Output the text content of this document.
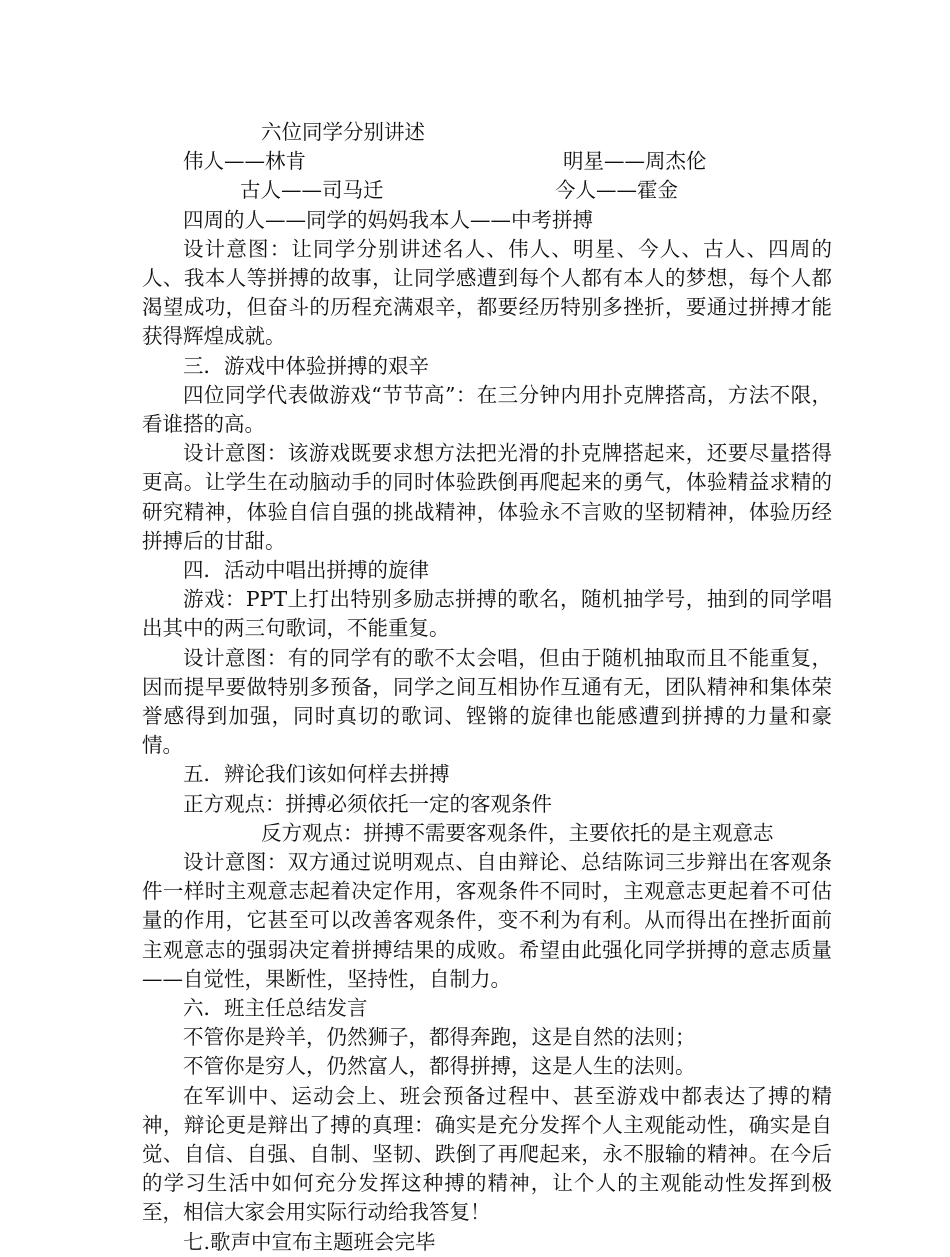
六位同学分别讲述
伟人——林肯	明星——周杰伦
古人——司马迁	今人——霍金
四周的人——同学的妈妈我本人——中考拼搏

设计意图：让同学分别讲述名人、伟人、明星、今人、古人、四周的人、我本人等拼搏的故事，让同学感遭到每个人都有本人的梦想，每个人都渴望成功，但奋斗的历程充满艰辛，都要经历特别多挫折，要通过拼搏才能获得辉煌成就。

三．游戏中体验拼搏的艰辛

四位同学代表做游戏“节节高”：在三分钟内用扑克牌搭高，方法不限，看谁搭的高。

设计意图：该游戏既要求想方法把光滑的扑克牌搭起来，还要尽量搭得更高。让学生在动脑动手的同时体验跌倒再爬起来的勇气，体验精益求精的研究精神，体验自信自强的挑战精神，体验永不言败的坚韧精神，体验历经拼搏后的甘甜。

四．活动中唱出拼搏的旋律

游戏：PPT上打出特别多励志拼搏的歌名，随机抽学号，抽到的同学唱出其中的两三句歌词，不能重复。

设计意图：有的同学有的歌不太会唱，但由于随机抽取而且不能重复，因而提早要做特别多预备，同学之间互相协作互通有无，团队精神和集体荣誉感得到加强，同时真切的歌词、铿锵的旋律也能感遭到拼搏的力量和豪情。

五．辨论我们该如何样去拼搏
正方观点：拼搏必须依托一定的客观条件
反方观点：拼搏不需要客观条件，主要依托的是主观意志

设计意图：双方通过说明观点、自由辩论、总结陈词三步辩出在客观条件一样时主观意志起着决定作用，客观条件不同时，主观意志更起着不可估量的作用，它甚至可以改善客观条件，变不利为有利。从而得出在挫折面前主观意志的强弱决定着拼搏结果的成败。希望由此强化同学拼搏的意志质量——自觉性，果断性，坚持性，自制力。

六．班主任总结发言
不管你是羚羊，仍然狮子，都得奔跑，这是自然的法则；
不管你是穷人，仍然富人，都得拼搏，这是人生的法则。

在军训中、运动会上、班会预备过程中、甚至游戏中都表达了搏的精神，辩论更是辩出了搏的真理：确实是充分发挥个人主观能动性，确实是自觉、自信、自强、自制、坚韧、跌倒了再爬起来，永不服输的精神。在今后的学习生活中如何充分发挥这种搏的精神，让个人的主观能动性发挥到极至，相信大家会用实际行动给我答复！

七.歌声中宣布主题班会完毕
